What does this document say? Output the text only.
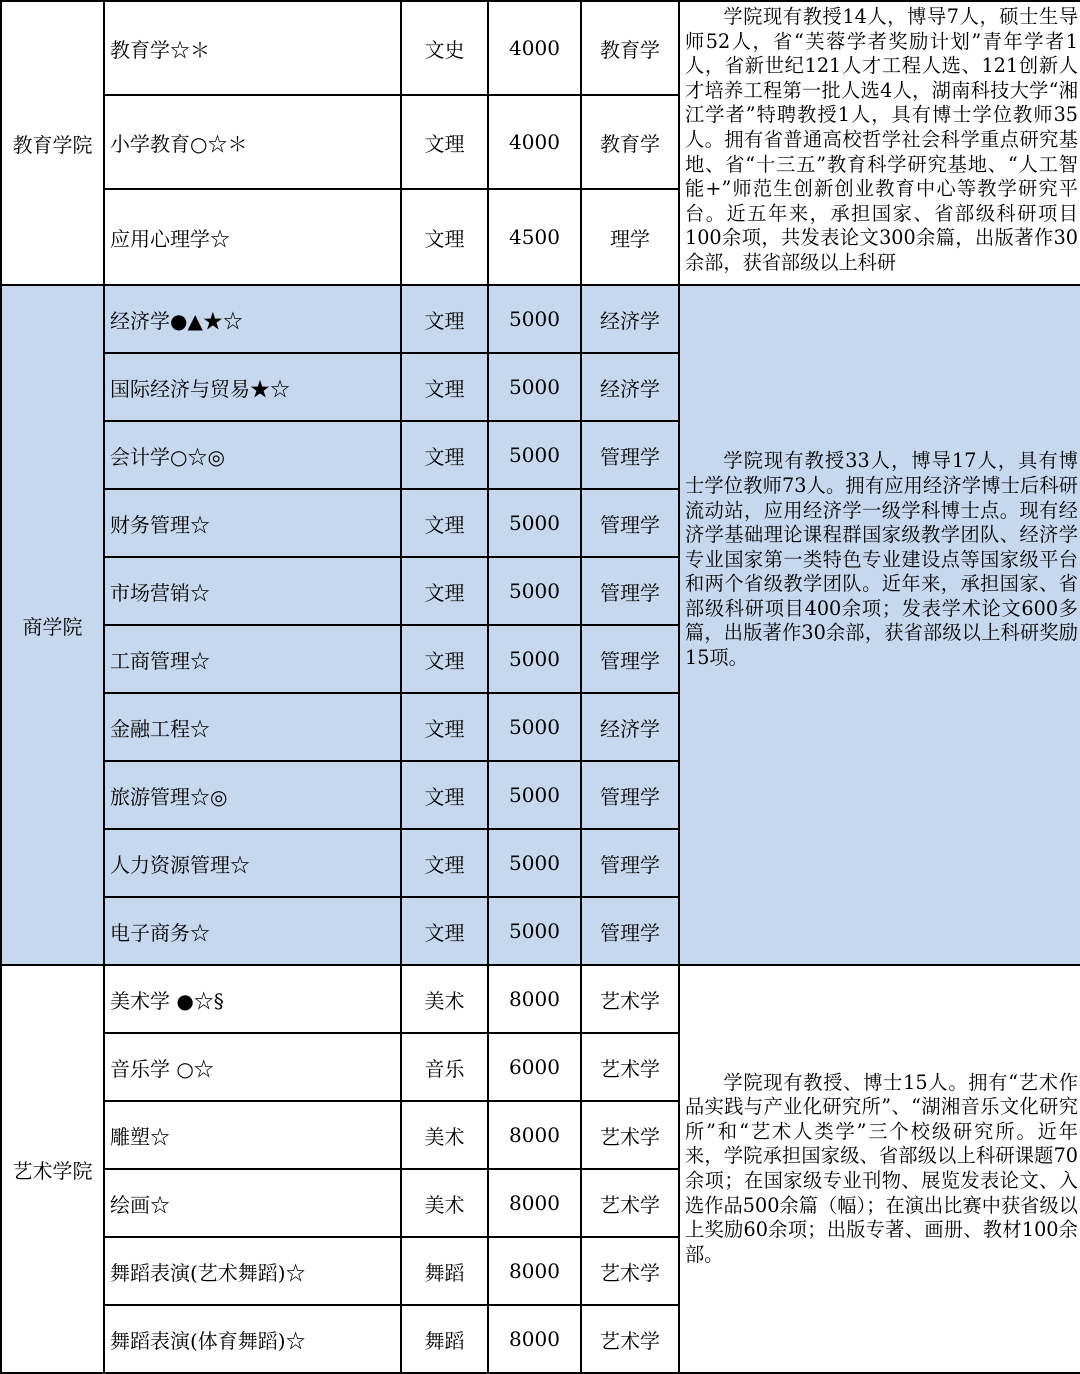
教育学院	教育学☆＊	文史	4000	教育学	学院现有教授14人，博导7人，硕士生导师52人，省“芙蓉学者奖励计划”青年学者1人，省新世纪121人才工程人选、121创新人才培养工程第一批人选4人，湖南科技大学“湘江学者”特聘教授1人，具有博士学位教师35人。拥有省普通高校哲学社会科学重点研究基地、省“十三五”教育科学研究基地、“人工智能+”师范生创新创业教育中心等教学研究平台。近五年来，承担国家、省部级科研项目100余项，共发表论文300余篇，出版著作30余部，获省部级以上科研

	小学教育○☆＊	文理	4000	教育学	
	应用心理学☆	文理	4500	理学	
商学院	经济学●▲★☆	文理	5000	经济学	学院现有教授33人，博导17人，具有博士学位教师73人。拥有应用经济学博士后科研流动站，应用经济学一级学科博士点。现有经济学基础理论课程群国家级教学团队、经济学专业国家第一类特色专业建设点等国家级平台和两个省级教学团队。近年来，承担国家、省部级科研项目400余项；发表学术论文600多篇，出版著作30余部，获省部级以上科研奖励15项。

	国际经济与贸易★☆	文理	5000	经济学	
	会计学○☆◎	文理	5000	管理学	
	财务管理☆	文理	5000	管理学	
	市场营销☆	文理	5000	管理学	
	工商管理☆	文理	5000	管理学	
	金融工程☆	文理	5000	经济学	
	旅游管理☆◎	文理	5000	管理学	
	人力资源管理☆	文理	5000	管理学	
	电子商务☆	文理	5000	管理学	
艺术学院	美术学 ●☆§	美术	8000	艺术学	学院现有教授、博士15人。拥有“艺术作品实践与产业化研究所”、“湖湘音乐文化研究所”和“艺术人类学”三个校级研究所。近年来，学院承担国家级、省部级以上科研课题70余项；在国家级专业刊物、展览发表论文、入选作品500余篇（幅）；在演出比赛中获省级以上奖励60余项；出版专著、画册、教材100余部。

	音乐学 ○☆	音乐	6000	艺术学	
	雕塑☆	美术	8000	艺术学	
	绘画☆	美术	8000	艺术学	
	舞蹈表演(艺术舞蹈)☆	舞蹈	8000	艺术学	
	舞蹈表演(体育舞蹈)☆	舞蹈	8000	艺术学	
